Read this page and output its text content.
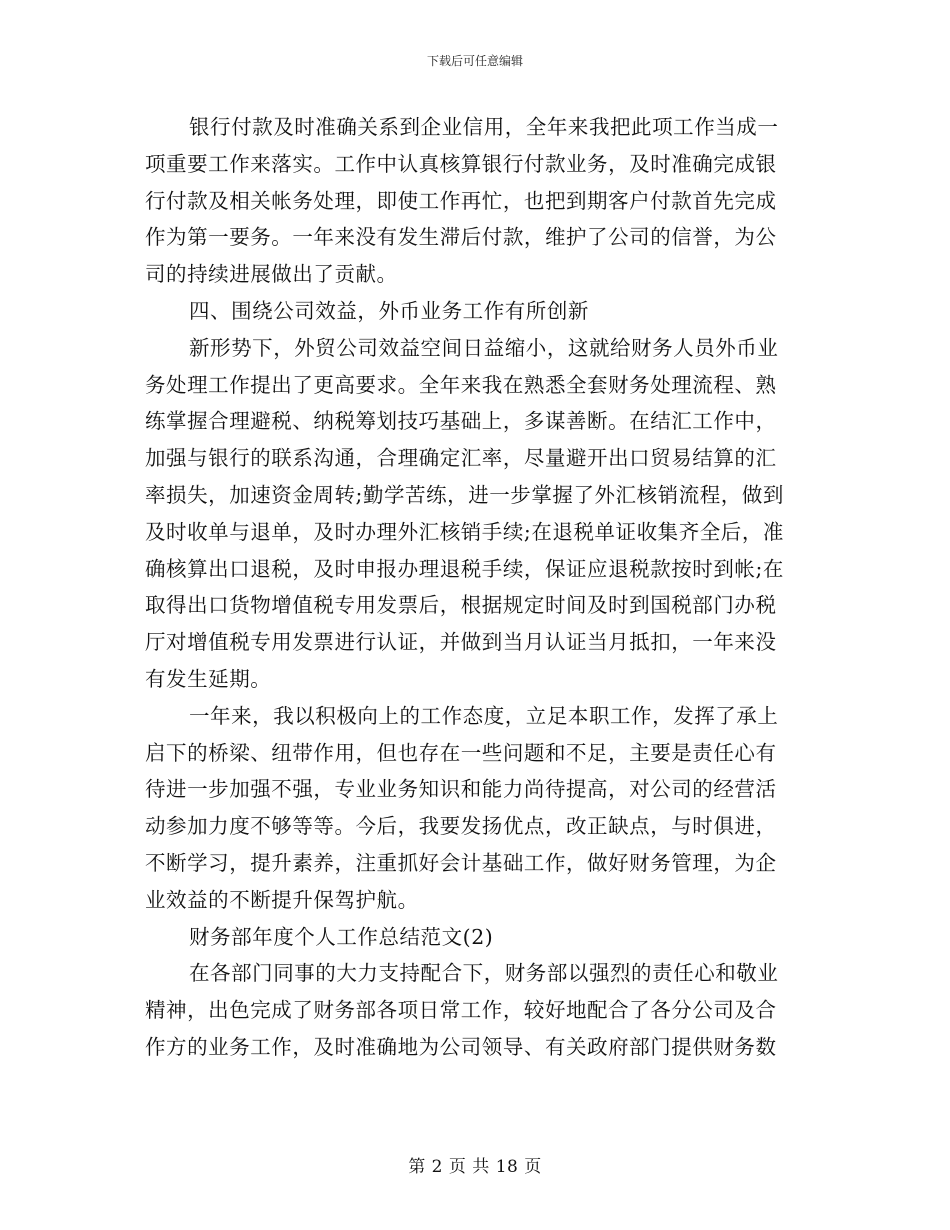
下载后可任意编辑

银行付款及时准确关系到企业信用，全年来我把此项工作当成一
项重要工作来落实。工作中认真核算银行付款业务，及时准确完成银
行付款及相关帐务处理，即使工作再忙，也把到期客户付款首先完成
作为第一要务。一年来没有发生滞后付款，维护了公司的信誉，为公
司的持续进展做出了贡献。

四、围绕公司效益，外币业务工作有所创新

新形势下，外贸公司效益空间日益缩小，这就给财务人员外币业
务处理工作提出了更高要求。全年来我在熟悉全套财务处理流程、熟
练掌握合理避税、纳税筹划技巧基础上，多谋善断。在结汇工作中，
加强与银行的联系沟通，合理确定汇率，尽量避开出口贸易结算的汇
率损失，加速资金周转;勤学苦练，进一步掌握了外汇核销流程，做到
及时收单与退单，及时办理外汇核销手续;在退税单证收集齐全后，准
确核算出口退税，及时申报办理退税手续，保证应退税款按时到帐;在
取得出口货物增值税专用发票后，根据规定时间及时到国税部门办税
厅对增值税专用发票进行认证，并做到当月认证当月抵扣，一年来没
有发生延期。

一年来，我以积极向上的工作态度，立足本职工作，发挥了承上
启下的桥梁、纽带作用，但也存在一些问题和不足，主要是责任心有
待进一步加强不强，专业业务知识和能力尚待提高，对公司的经营活
动参加力度不够等等。今后，我要发扬优点，改正缺点，与时俱进，
不断学习，提升素养，注重抓好会计基础工作，做好财务管理，为企
业效益的不断提升保驾护航。

财务部年度个人工作总结范文(2)

在各部门同事的大力支持配合下，财务部以强烈的责任心和敬业
精神，出色完成了财务部各项日常工作，较好地配合了各分公司及合
作方的业务工作，及时准确地为公司领导、有关政府部门提供财务数

第 2 页 共 18 页
